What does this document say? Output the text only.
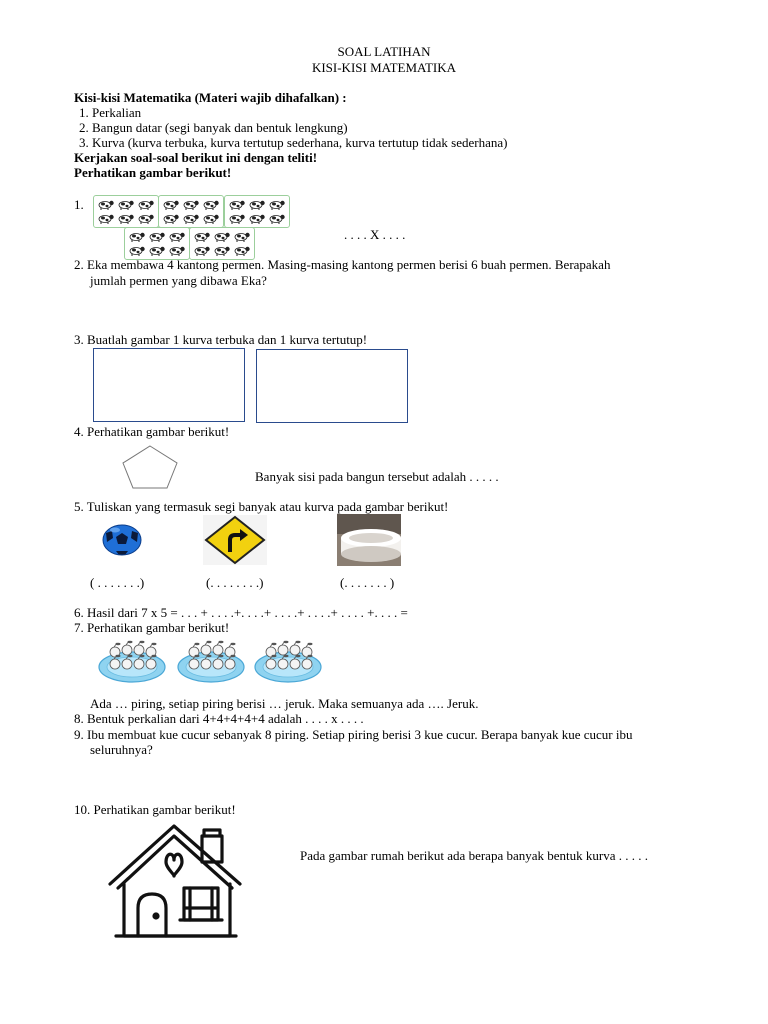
SOAL LATIHAN
KISI-KISI MATEMATIKA
Kisi-kisi Matematika (Materi wajib dihafalkan) :
1. Perkalian
2. Bangun datar (segi banyak dan bentuk lengkung)
3. Kurva (kurva terbuka, kurva tertutup sederhana, kurva tertutup tidak sederhana)
Kerjakan soal-soal berikut ini dengan teliti!
Perhatikan gambar berikut!
1.
. . . . X . . . .
2. Eka membawa 4 kantong permen. Masing-masing kantong permen berisi 6 buah permen. Berapakah
jumlah permen yang dibawa Eka?
3. Buatlah gambar 1 kurva terbuka dan 1 kurva tertutup!
4. Perhatikan gambar berikut!
Banyak sisi pada bangun tersebut adalah . . . . .
5. Tuliskan yang termasuk segi banyak atau kurva pada gambar berikut!
( . . . . . . .)	(. . . . . . . .)	(. . . . . . . )
6. Hasil dari 7 x 5 = . . . + . . . .+. . . .+ . . . .+ . . . .+ . . . . +. . . . =
7. Perhatikan gambar berikut!
Ada … piring, setiap piring berisi … jeruk. Maka semuanya ada …. Jeruk.
8. Bentuk perkalian dari 4+4+4+4+4 adalah . . . . x . . . .
9. Ibu membuat kue cucur sebanyak 8 piring. Setiap piring berisi 3 kue cucur. Berapa banyak kue cucur ibu
seluruhnya?
10. Perhatikan gambar berikut!
Pada gambar rumah berikut ada berapa banyak bentuk kurva . . . . .
